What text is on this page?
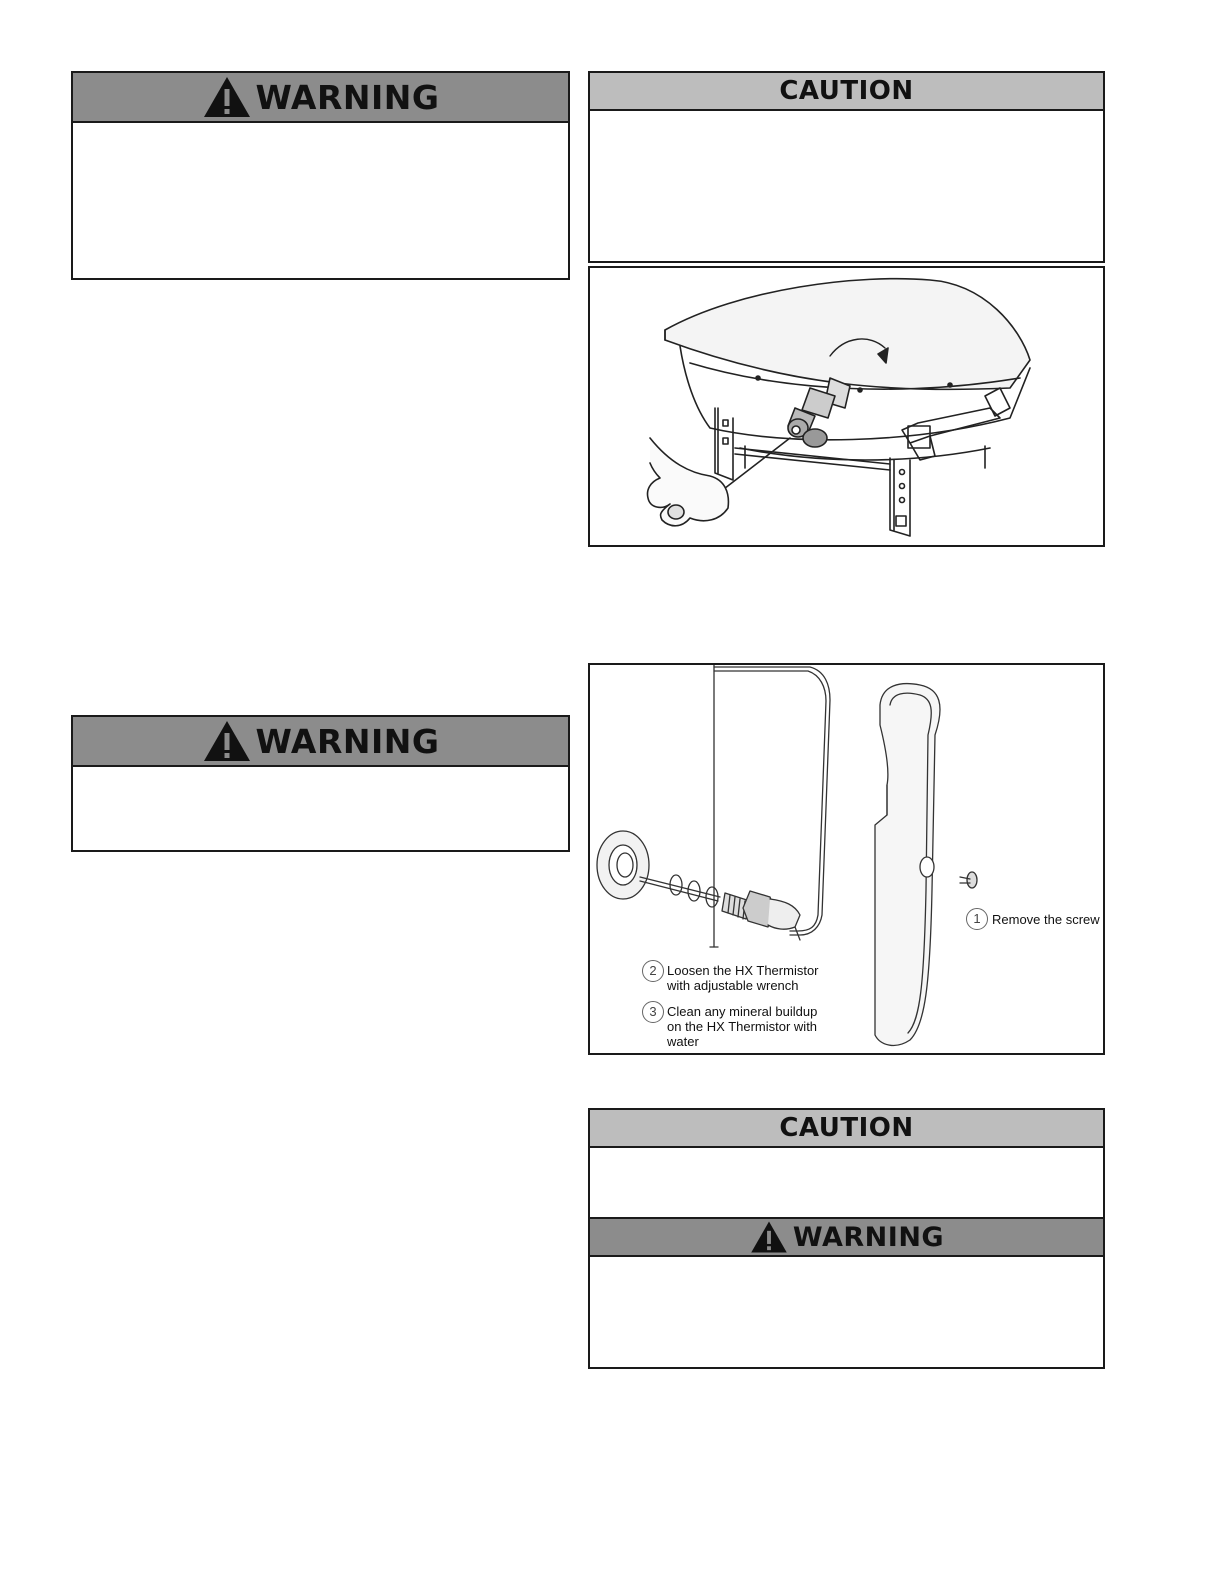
WARNING	CAUTION
WARNING
1 Remove the screw
2 Loosen the HX Thermistor
with adjustable wrench
3 Clean any mineral buildup
on the HX Thermistor with
water
CAUTION
WARNING
